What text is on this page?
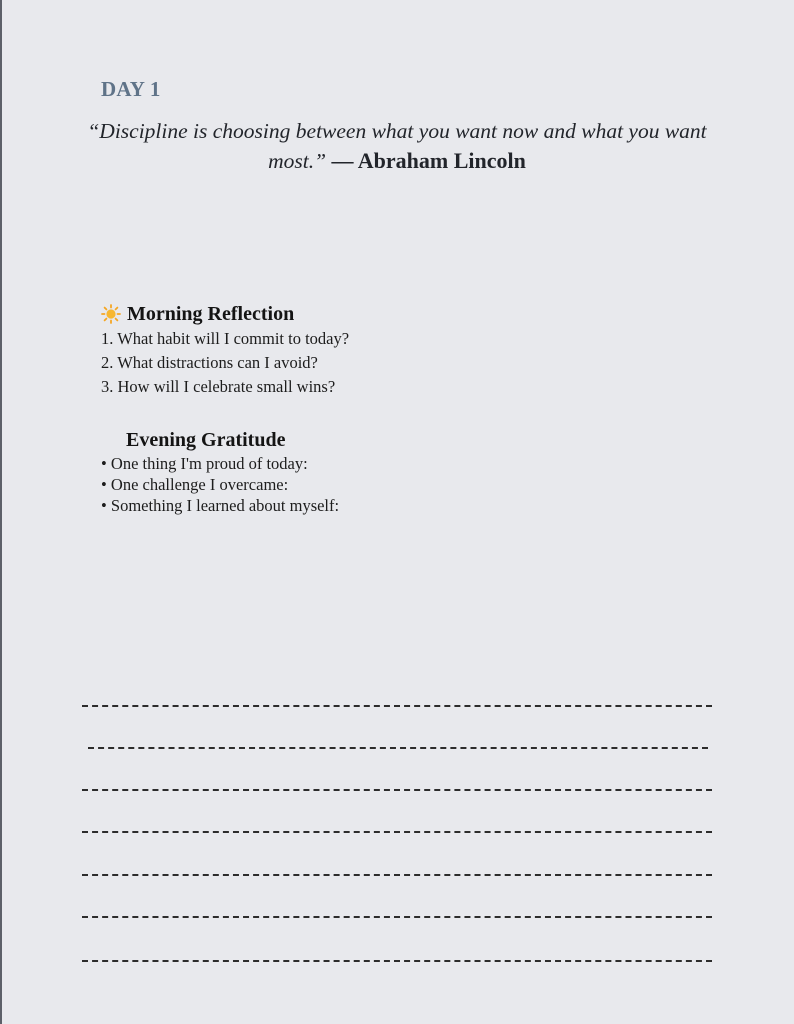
DAY 1
“Discipline is choosing between what you want now and what you want most.” — Abraham Lincoln
Morning Reflection
1. What habit will I commit to today?
2. What distractions can I avoid?
3. How will I celebrate small wins?
Evening Gratitude
• One thing I'm proud of today:
• One challenge I overcame:
• Something I learned about myself:
